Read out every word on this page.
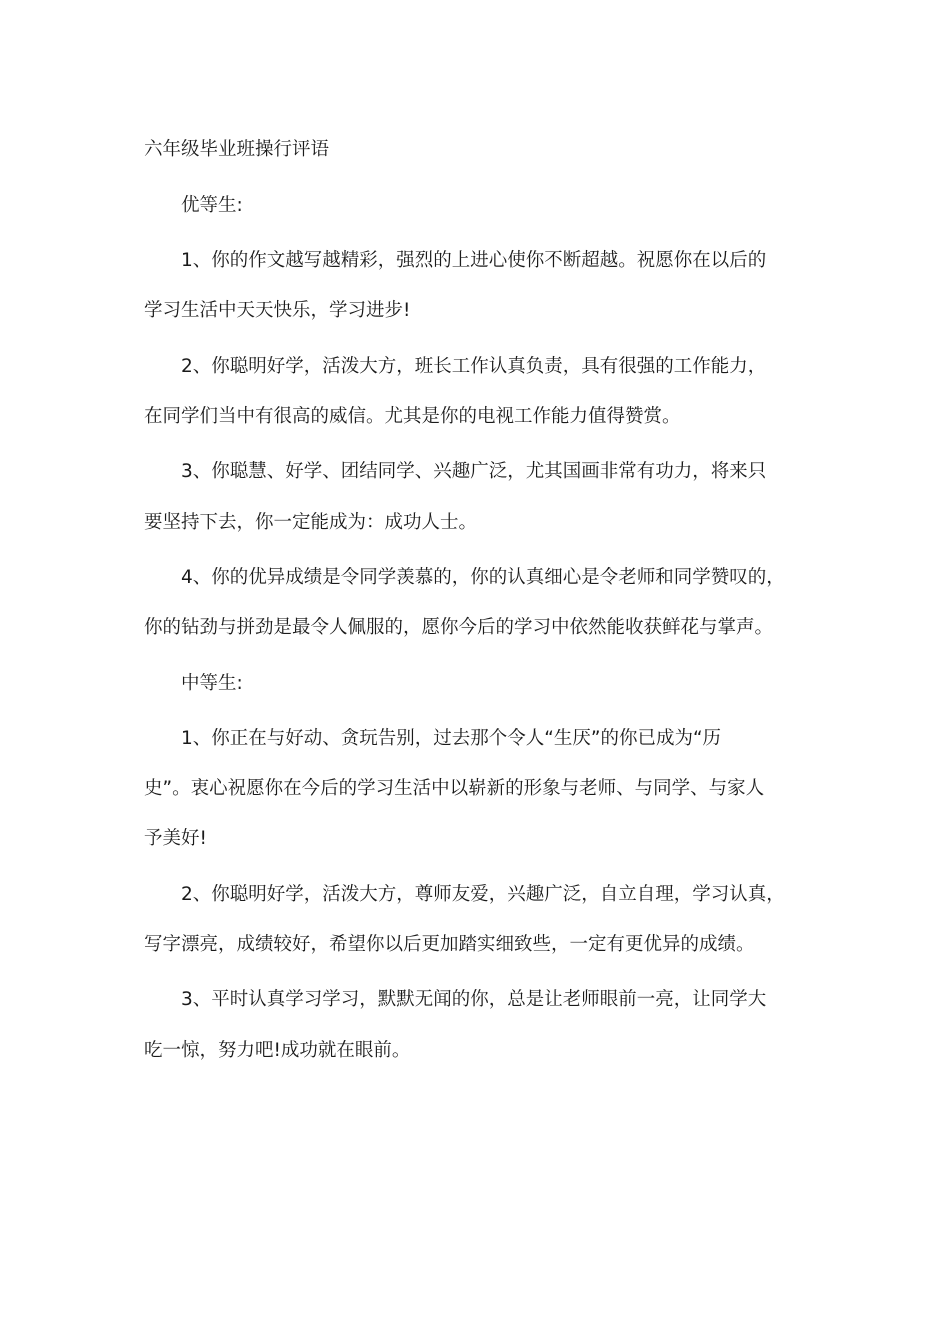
六年级毕业班操行评语
优等生:
1、你的作文越写越精彩，强烈的上进心使你不断超越。祝愿你在以后的
学习生活中天天快乐，学习进步!
2、你聪明好学，活泼大方，班长工作认真负责，具有很强的工作能力，
在同学们当中有很高的威信。尤其是你的电视工作能力值得赞赏。
3、你聪慧、好学、团结同学、兴趣广泛，尤其国画非常有功力，将来只
要坚持下去，你一定能成为：成功人士。
4、你的优异成绩是令同学羡慕的，你的认真细心是令老师和同学赞叹的，
你的钻劲与拼劲是最令人佩服的，愿你今后的学习中依然能收获鲜花与掌声。
中等生:
1、你正在与好动、贪玩告别，过去那个令人“生厌”的你已成为“历
史”。衷心祝愿你在今后的学习生活中以崭新的形象与老师、与同学、与家人
予美好!
2、你聪明好学，活泼大方，尊师友爱，兴趣广泛，自立自理，学习认真，
写字漂亮，成绩较好，希望你以后更加踏实细致些，一定有更优异的成绩。
3、平时认真学习学习，默默无闻的你，总是让老师眼前一亮，让同学大
吃一惊，努力吧!成功就在眼前。
